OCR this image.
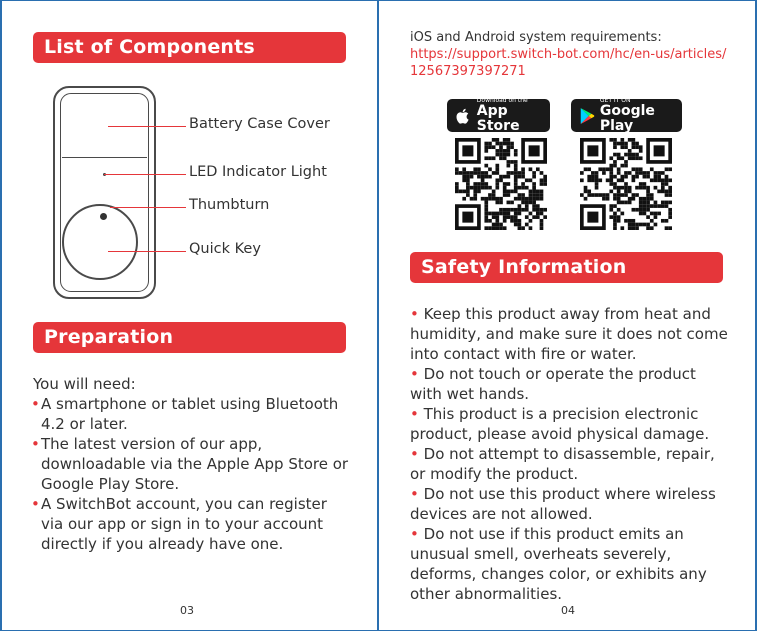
List of Components
Battery Case Cover
LED Indicator Light
Thumbturn
Quick Key
Preparation
You will need:
• A smartphone or tablet using Bluetooth 4.2 or later.
• The latest version of our app, downloadable via the Apple App Store or Google Play Store.
• A SwitchBot account, you can register via our app or sign in to your account directly if you already have one.
03
iOS and Android system requirements:
https://support.switch-bot.com/hc/en-us/articles/12567397397271
Download on the
App Store
GET IT ON
Google Play
Safety Information

• Keep this product away from heat and humidity, and make sure it does not come into contact with fire or water.

• Do not touch or operate the product with wet hands.

• This product is a precision electronic product, please avoid physical damage.

• Do not attempt to disassemble, repair, or modify the product.

• Do not use this product where wireless devices are not allowed.

• Do not use if this product emits an unusual smell, overheats severely, deforms, changes color, or exhibits any other abnormalities.

04
